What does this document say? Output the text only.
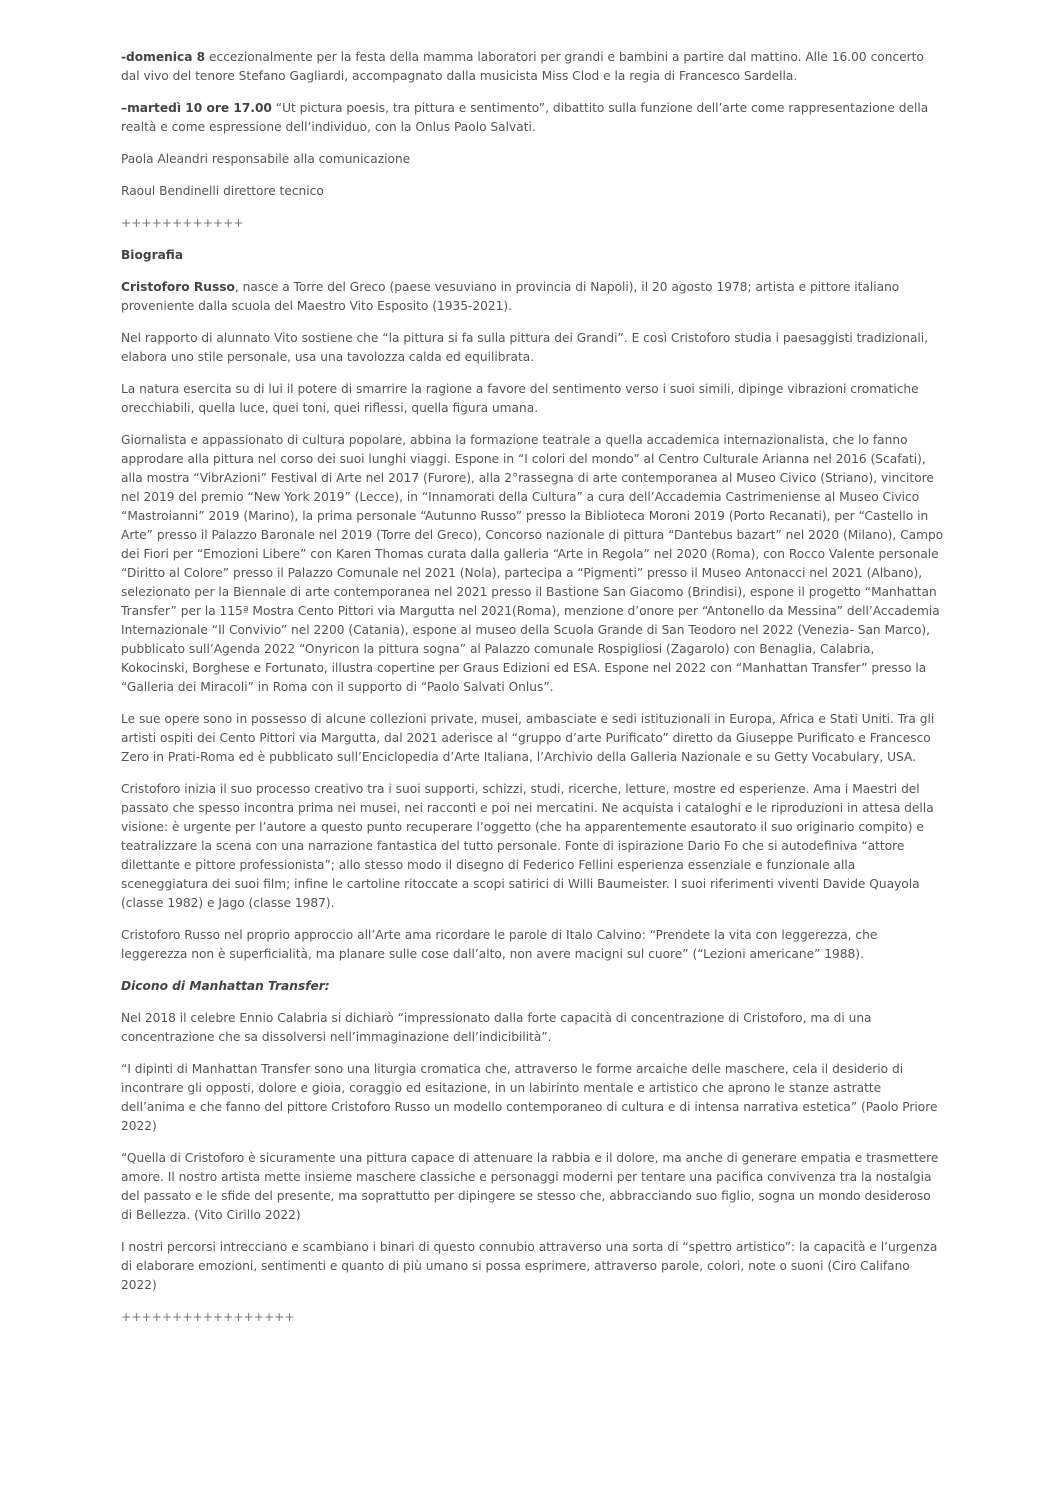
-domenica 8 eccezionalmente per la festa della mamma laboratori per grandi e bambini a partire dal mattino. Alle 16.00 concerto dal vivo del tenore Stefano Gagliardi, accompagnato dalla musicista Miss Clod e la regia di Francesco Sardella.

–martedì 10 ore 17.00 “Ut pictura poesis, tra pittura e sentimento”, dibattito sulla funzione dell’arte come rappresentazione della realtà e come espressione dell’individuo, con la Onlus Paolo Salvati.

Paola Aleandri responsabile alla comunicazione

Raoul Bendinelli direttore tecnico

++++++++++++

Biografia

Cristoforo Russo, nasce a Torre del Greco (paese vesuviano in provincia di Napoli), il 20 agosto 1978; artista e pittore italiano proveniente dalla scuola del Maestro Vito Esposito (1935-2021).

Nel rapporto di alunnato Vito sostiene che “la pittura si fa sulla pittura dei Grandi”. E così Cristoforo studia i paesaggisti tradizionali, elabora uno stile personale, usa una tavolozza calda ed equilibrata.

La natura esercita su di lui il potere di smarrire la ragione a favore del sentimento verso i suoi simili, dipinge vibrazioni cromatiche orecchiabili, quella luce, quei toni, quei riflessi, quella figura umana.

Giornalista e appassionato di cultura popolare, abbina la formazione teatrale a quella accademica internazionalista, che lo fanno approdare alla pittura nel corso dei suoi lunghi viaggi. Espone in “I colori del mondo” al Centro Culturale Arianna nel 2016 (Scafati), alla mostra “VibrAzioni” Festival di Arte nel 2017 (Furore), alla 2°rassegna di arte contemporanea al Museo Civico (Striano), vincitore nel 2019 del premio “New York 2019” (Lecce), in “Innamorati della Cultura” a cura dell’Accademia Castrimeniense al Museo Civico “Mastroianni” 2019 (Marino), la prima personale “Autunno Russo” presso la Biblioteca Moroni 2019 (Porto Recanati), per “Castello in Arte” presso il Palazzo Baronale nel 2019 (Torre del Greco), Concorso nazionale di pittura “Dantebus bazart” nel 2020 (Milano), Campo dei Fiori per “Emozioni Libere” con Karen Thomas curata dalla galleria “Arte in Regola” nel 2020 (Roma), con Rocco Valente personale “Diritto al Colore” presso il Palazzo Comunale nel 2021 (Nola), partecipa a “Pigmenti” presso il Museo Antonacci nel 2021 (Albano), selezionato per la Biennale di arte contemporanea nel 2021 presso il Bastione San Giacomo (Brindisi), espone il progetto “Manhattan Transfer” per la 115ª Mostra Cento Pittori via Margutta nel 2021(Roma), menzione d’onore per “Antonello da Messina” dell’Accademia Internazionale “Il Convivio” nel 2200 (Catania), espone al museo della Scuola Grande di San Teodoro nel 2022 (Venezia- San Marco), pubblicato sull’Agenda 2022 “Onyricon la pittura sogna” al Palazzo comunale Rospigliosi (Zagarolo) con Benaglia, Calabria, Kokocinski, Borghese e Fortunato, illustra copertine per Graus Edizioni ed ESA. Espone nel 2022 con “Manhattan Transfer” presso la “Galleria dei Miracoli” in Roma con il supporto di “Paolo Salvati Onlus”.

Le sue opere sono in possesso di alcune collezioni private, musei, ambasciate e sedi istituzionali in Europa, Africa e Stati Uniti. Tra gli artisti ospiti dei Cento Pittori via Margutta, dal 2021 aderisce al “gruppo d’arte Purificato” diretto da Giuseppe Purificato e Francesco Zero in Prati-Roma ed è pubblicato sull’Enciclopedia d’Arte Italiana, l’Archivio della Galleria Nazionale e su Getty Vocabulary, USA.

Cristoforo inizia il suo processo creativo tra i suoi supporti, schizzi, studi, ricerche, letture, mostre ed esperienze. Ama i Maestri del passato che spesso incontra prima nei musei, nei racconti e poi nei mercatini. Ne acquista i cataloghi e le riproduzioni in attesa della visione: è urgente per l’autore a questo punto recuperare l’oggetto (che ha apparentemente esautorato il suo originario compito) e teatralizzare la scena con una narrazione fantastica del tutto personale. Fonte di ispirazione Dario Fo che si autodefiniva “attore dilettante e pittore professionista”; allo stesso modo il disegno di Federico Fellini esperienza essenziale e funzionale alla sceneggiatura dei suoi film; infine le cartoline ritoccate a scopi satirici di Willi Baumeister. I suoi riferimenti viventi Davide Quayola (classe 1982) e Jago (classe 1987).

Cristoforo Russo nel proprio approccio all’Arte ama ricordare le parole di Italo Calvino: “Prendete la vita con leggerezza, che leggerezza non è superficialità, ma planare sulle cose dall’alto, non avere macigni sul cuore” (“Lezioni americane” 1988).

Dicono di Manhattan Transfer:

Nel 2018 il celebre Ennio Calabria si dichiarò “impressionato dalla forte capacità di concentrazione di Cristoforo, ma di una concentrazione che sa dissolversi nell’immaginazione dell’indicibilità”.

“I dipinti di Manhattan Transfer sono una liturgia cromatica che, attraverso le forme arcaiche delle maschere, cela il desiderio di incontrare gli opposti, dolore e gioia, coraggio ed esitazione, in un labirinto mentale e artistico che aprono le stanze astratte dell’anima e che fanno del pittore Cristoforo Russo un modello contemporaneo di cultura e di intensa narrativa estetica” (Paolo Priore 2022)

“Quella di Cristoforo è sicuramente una pittura capace di attenuare la rabbia e il dolore, ma anche di generare empatia e trasmettere amore. Il nostro artista mette insieme maschere classiche e personaggi moderni per tentare una pacifica convivenza tra la nostalgia del passato e le sfide del presente, ma soprattutto per dipingere se stesso che, abbracciando suo figlio, sogna un mondo desideroso di Bellezza. (Vito Cirillo 2022)

I nostri percorsi intrecciano e scambiano i binari di questo connubio attraverso una sorta di “spettro artistico”: la capacità e l’urgenza di elaborare emozioni, sentimenti e quanto di più umano si possa esprimere, attraverso parole, colori, note o suoni (Ciro Califano 2022)

+++++++++++++++++
